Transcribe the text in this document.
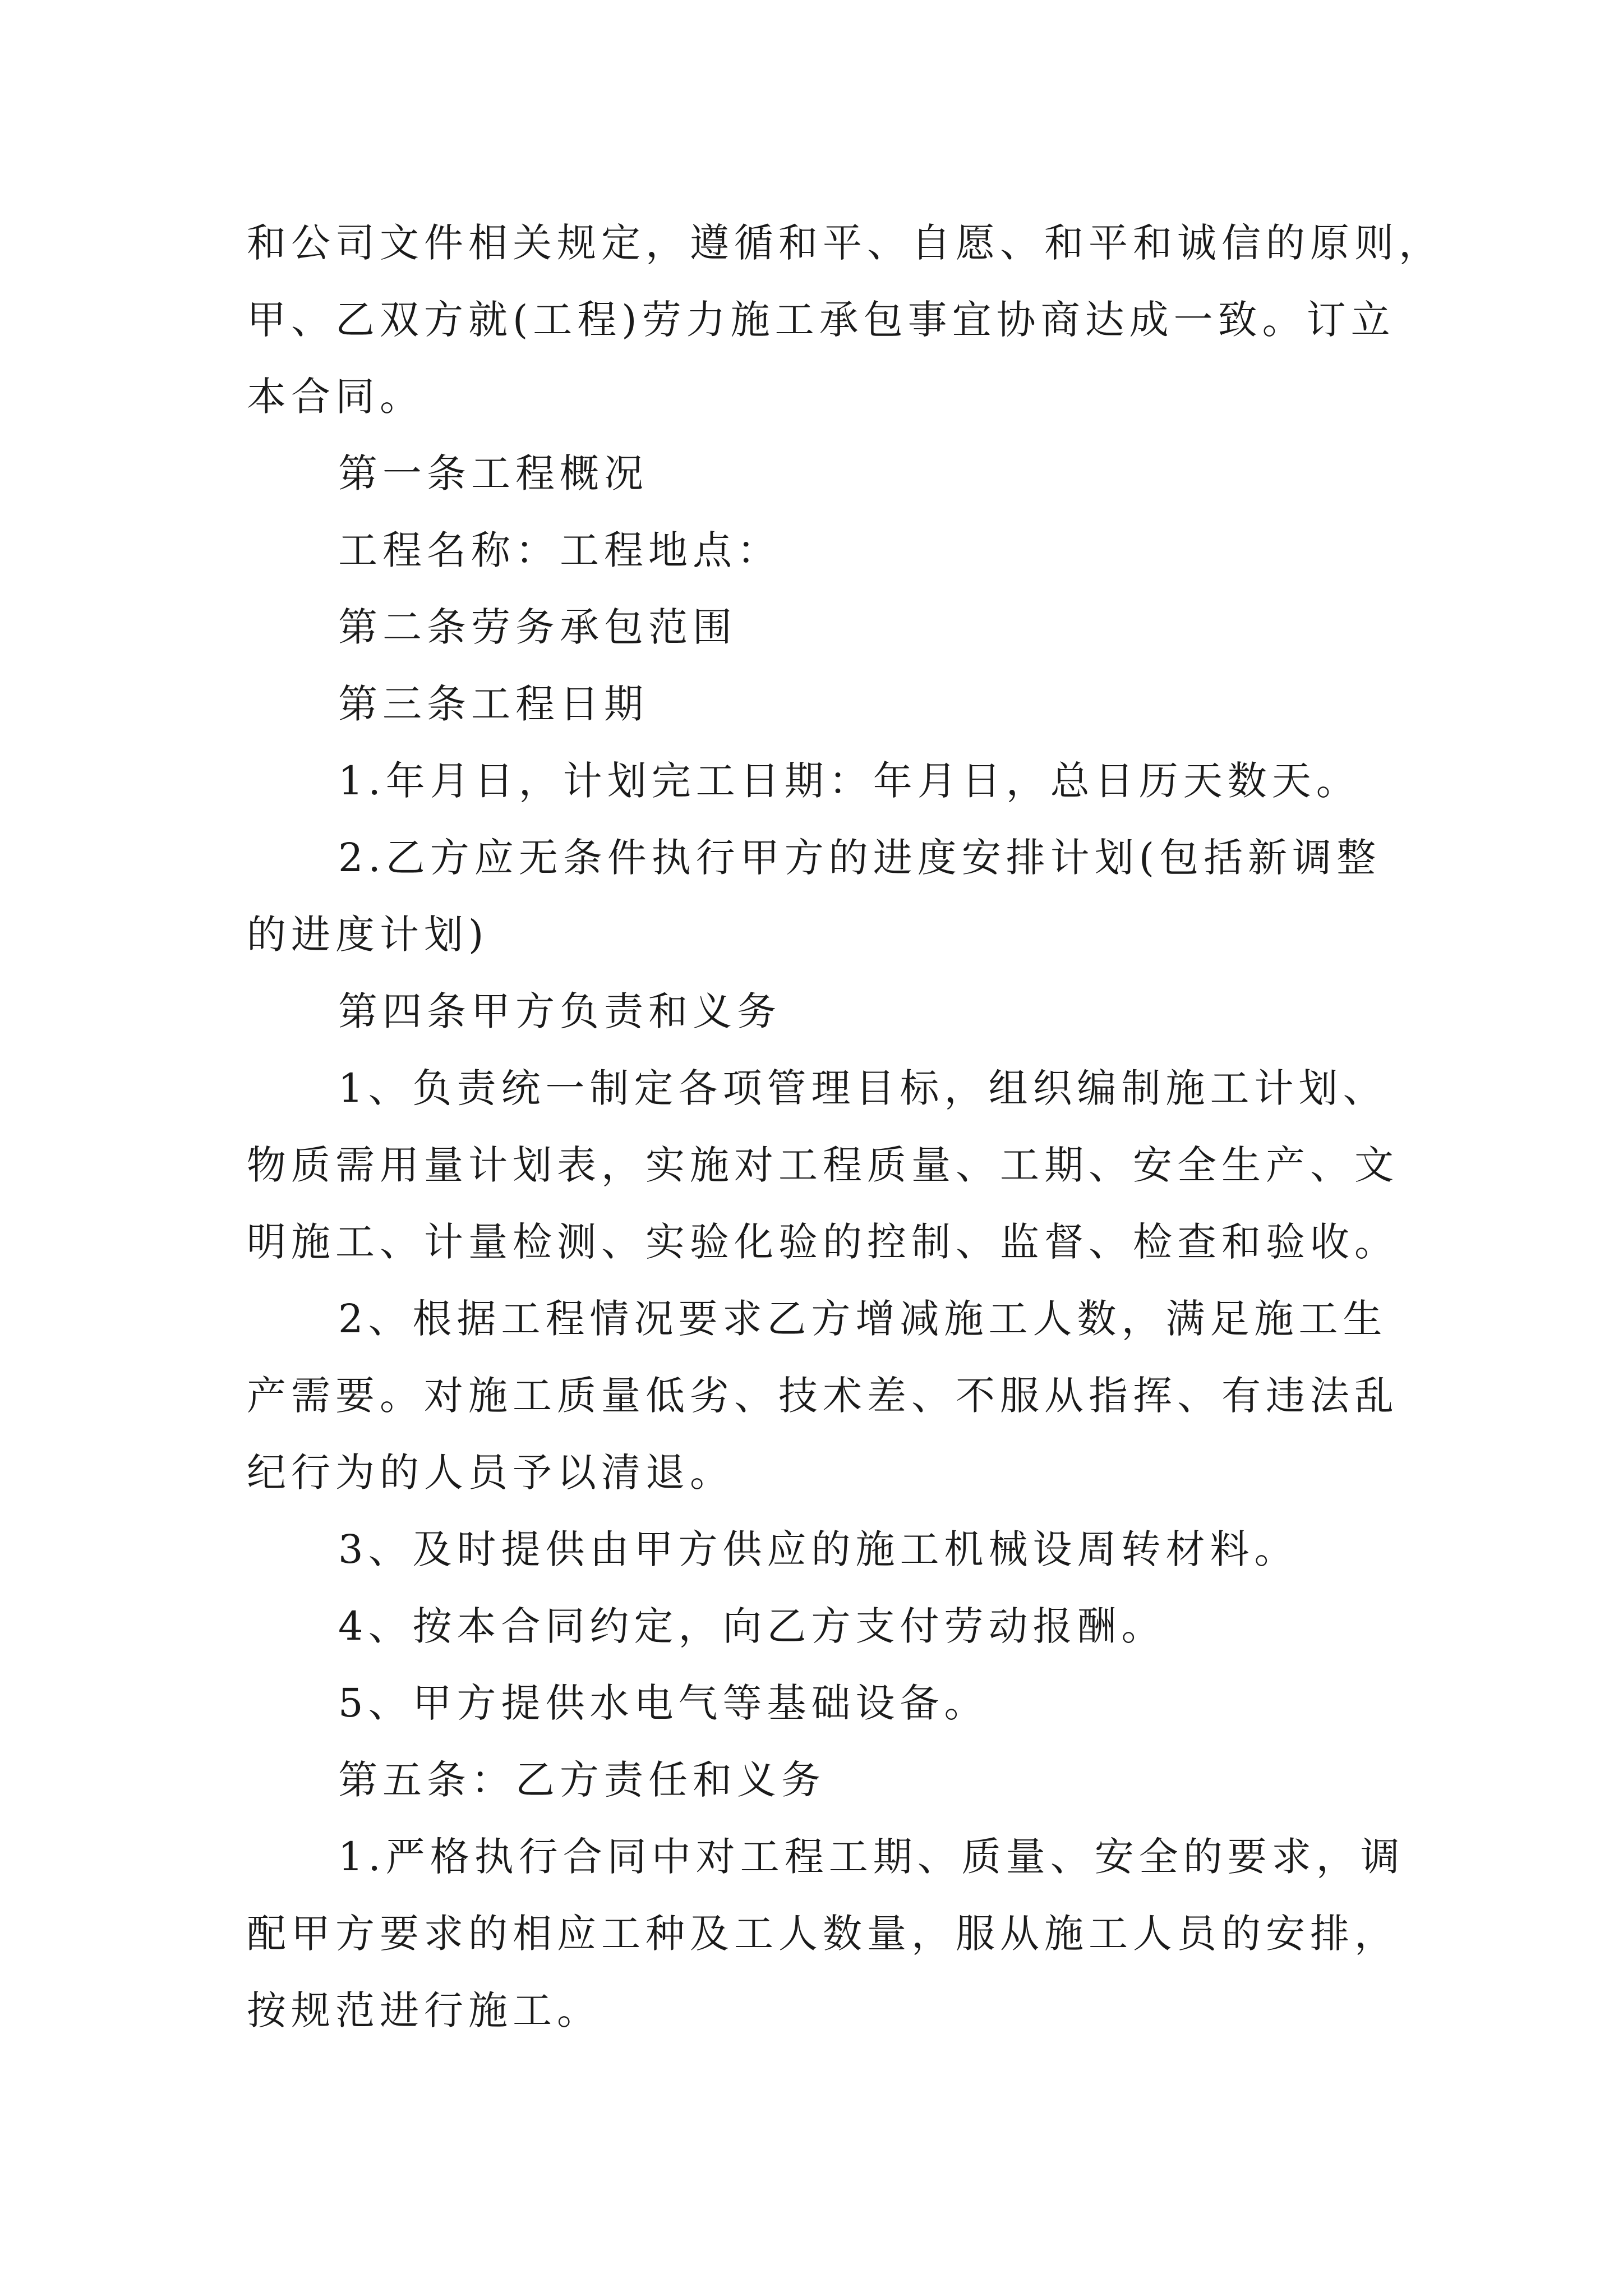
和公司文件相关规定，遵循和平、自愿、和平和诚信的原则，

甲、乙双方就(工程)劳力施工承包事宜协商达成一致。订立

本合同。

第一条工程概况

工程名称：工程地点：

第二条劳务承包范围

第三条工程日期

1.年月日，计划完工日期：年月日，总日历天数天。

2.乙方应无条件执行甲方的进度安排计划(包括新调整

的进度计划)

第四条甲方负责和义务

1、负责统一制定各项管理目标，组织编制施工计划、

物质需用量计划表，实施对工程质量、工期、安全生产、文

明施工、计量检测、实验化验的控制、监督、检查和验收。

2、根据工程情况要求乙方增减施工人数，满足施工生

产需要。对施工质量低劣、技术差、不服从指挥、有违法乱

纪行为的人员予以清退。

3、及时提供由甲方供应的施工机械设周转材料。

4、按本合同约定，向乙方支付劳动报酬。

5、甲方提供水电气等基础设备。

第五条：乙方责任和义务

1.严格执行合同中对工程工期、质量、安全的要求，调

配甲方要求的相应工种及工人数量，服从施工人员的安排，

按规范进行施工。
